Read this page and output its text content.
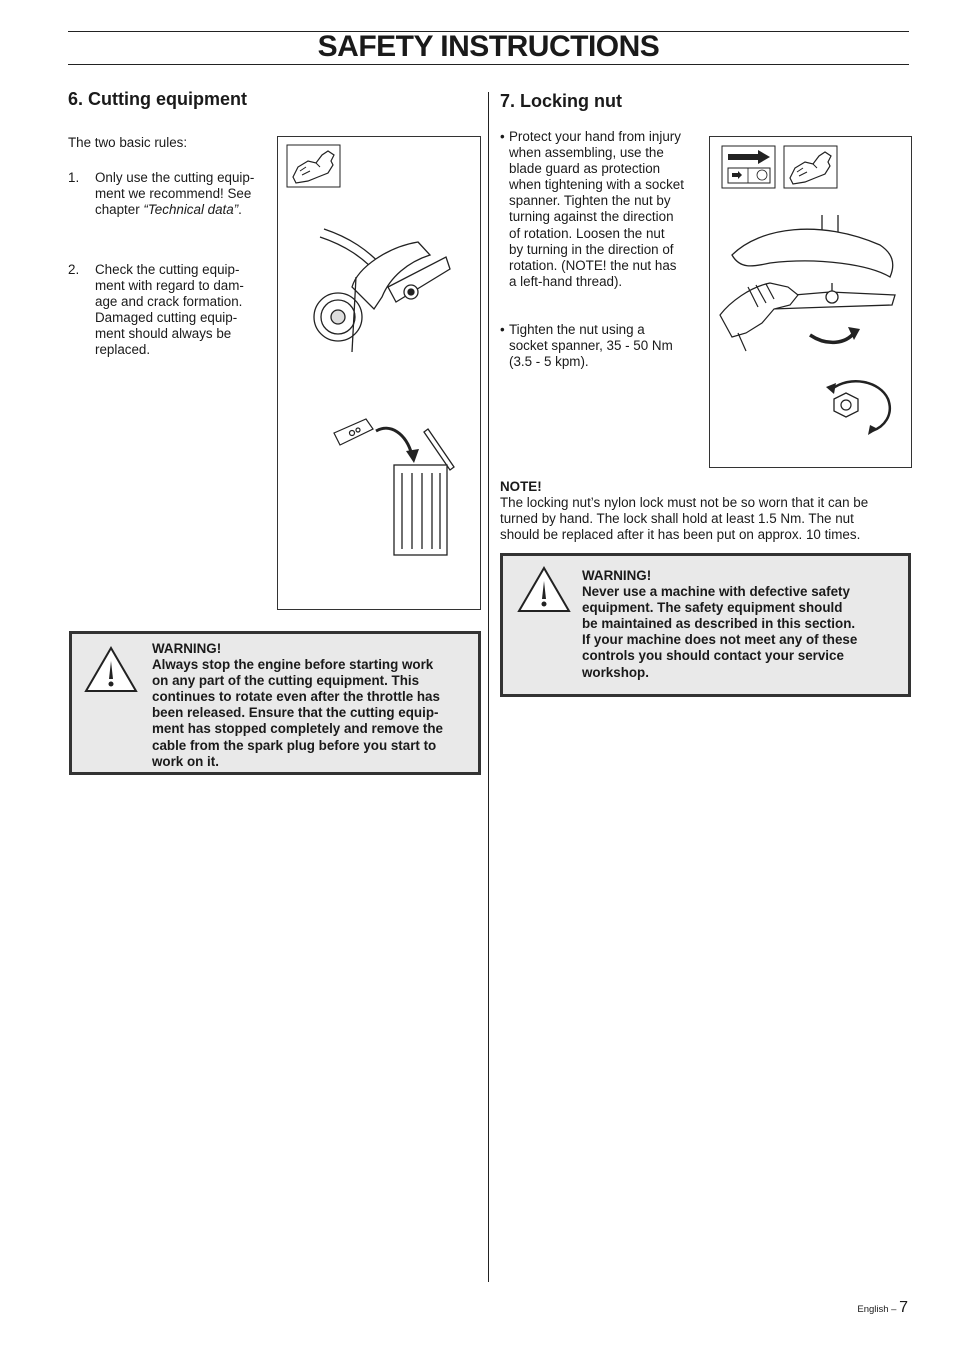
SAFETY INSTRUCTIONS
6. Cutting equipment

The two basic rules:

1. Only use the cutting equip-
ment we recommend! See
chapter “Technical data”.
2. Check the cutting equip-
ment with regard to dam-
age and crack formation.
Damaged cutting equip-
ment should always be
replaced.
WARNING!
Always stop the engine before starting work
on any part of the cutting equipment. This
continues to rotate even after the throttle has
been released. Ensure that the cutting equip-
ment has stopped completely and remove the
cable from the spark plug before you start to
work on it.
7. Locking nut
• Protect your hand from injury
when assembling, use the
blade guard as protection
when tightening with a socket
spanner. Tighten the nut by
turning against the direction
of rotation. Loosen the nut
by turning in the direction of
rotation. (NOTE! the nut has
a left-hand thread).
• Tighten the nut using a
socket spanner, 35 - 50 Nm
(3.5 - 5 kpm).
NOTE!
The locking nut’s nylon lock must not be so worn that it can be
turned by hand. The lock shall hold at least 1.5 Nm. The nut
should be replaced after it has been put on approx. 10 times.
WARNING!
Never use a machine with defective safety
equipment. The safety equipment should
be maintained as described in this section.
If your machine does not meet any of these
controls you should contact your service
workshop.
English – 7
